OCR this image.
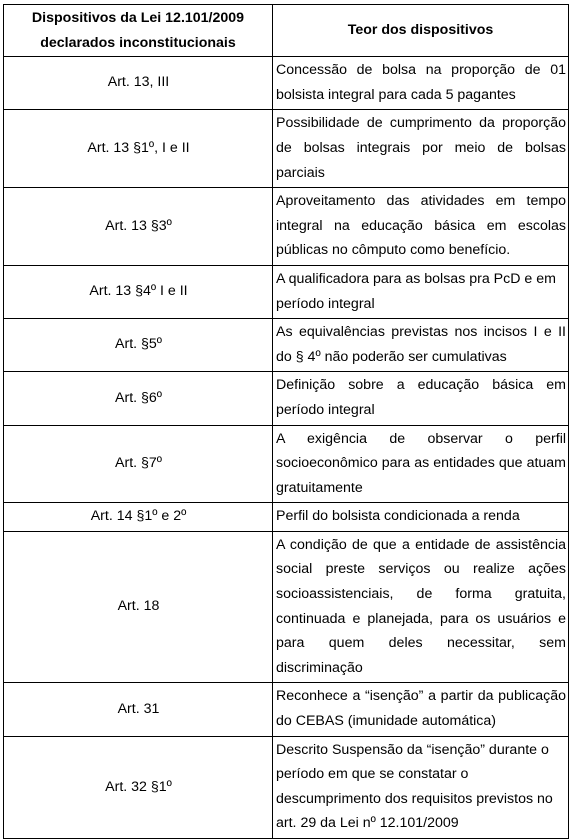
Dispositivos da Lei 12.101/2009 declarados inconstitucionais	Teor dos dispositivos
Art. 13, III	Concessão de bolsa na proporção de 01 bolsista integral para cada 5 pagantes
Art. 13 §1º, I e II	Possibilidade de cumprimento da proporção de bolsas integrais por meio de bolsas parciais
Art. 13 §3º	Aproveitamento das atividades em tempo integral na educação básica em escolas públicas no cômputo como benefício.
Art. 13 §4º I e II	A qualificadora para as bolsas pra PcD e em período integral
Art. §5º	As equivalências previstas nos incisos I e II do § 4º não poderão ser cumulativas
Art. §6º	Definição sobre a educação básica em período integral
Art. §7º	A exigência de observar o perfil socioeconômico para as entidades que atuam gratuitamente
Art. 14 §1º e 2º	Perfil do bolsista condicionada a renda
Art. 18	A condição de que a entidade de assistência social preste serviços ou realize ações socioassistenciais, de forma gratuita, continuada e planejada, para os usuários e para quem deles necessitar, sem discriminação
Art. 31	Reconhece a “isenção” a partir da publicação do CEBAS (imunidade automática)
Art. 32 §1º	Descrito Suspensão da “isenção” durante o período em que se constatar o descumprimento dos requisitos previstos no art. 29 da Lei nº 12.101/2009
